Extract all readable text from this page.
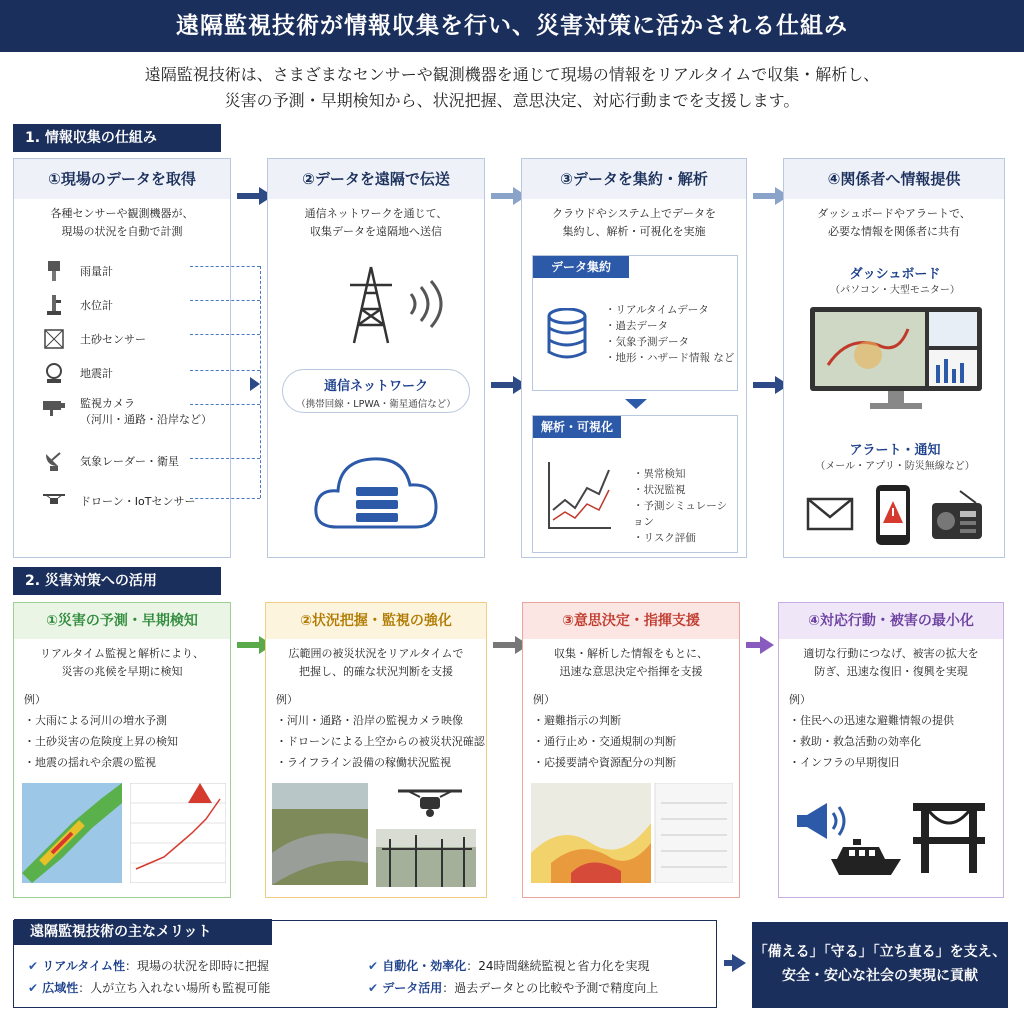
遠隔監視技術が情報収集を行い、災害対策に活かされる仕組み
遠隔監視技術は、さまざまなセンサーや観測機器を通じて現場の情報をリアルタイムで収集・解析し、
災害の予測・早期検知から、状況把握、意思決定、対応行動までを支援します。
1. 情報収集の仕組み
①現場のデータを取得
各種センサーや観測機器が、
現場の状況を自動で計測
雨量計
水位計
土砂センサー
地震計
監視カメラ
（河川・通路・沿岸など）
気象レーダー・衛星
ドローン・IoTセンサー
②データを遠隔で伝送
通信ネットワークを通じて、
収集データを遠隔地へ送信
通信ネットワーク
（携帯回線・LPWA・衛星通信など）
③データを集約・解析
クラウドやシステム上でデータを
集約し、解析・可視化を実施
データ集約
・リアルタイムデータ
・過去データ
・気象予測データ
・地形・ハザード情報 など
解析・可視化
・異常検知
・状況監視
・予測シミュレーション
・リスク評価
④関係者へ情報提供
ダッシュボードやアラートで、
必要な情報を関係者に共有
ダッシュボード
（パソコン・大型モニター）
アラート・通知
（メール・アプリ・防災無線など）
2. 災害対策への活用
①災害の予測・早期検知
リアルタイム監視と解析により、
災害の兆候を早期に検知
例）
・大雨による河川の増水予測
・土砂災害の危険度上昇の検知
・地震の揺れや余震の監視
②状況把握・監視の強化
広範囲の被災状況をリアルタイムで
把握し、的確な状況判断を支援
例）
・河川・通路・沿岸の監視カメラ映像
・ドローンによる上空からの被災状況確認
・ライフライン設備の稼働状況監視
③意思決定・指揮支援
収集・解析した情報をもとに、
迅速な意思決定や指揮を支援
例）
・避難指示の判断
・通行止め・交通規制の判断
・応援要請や資源配分の判断
④対応行動・被害の最小化
適切な行動につなげ、被害の拡大を
防ぎ、迅速な復旧・復興を実現
例）
・住民への迅速な避難情報の提供
・救助・救急活動の効率化
・インフラの早期復旧
遠隔監視技術の主なメリット
✔ リアルタイム性：現場の状況を即時に把握
✔ 広域性：人が立ち入れない場所も監視可能
✔ 自動化・効率化：24時間継続監視と省力化を実現
✔ データ活用：過去データとの比較や予測で精度向上
「備える」「守る」「立ち直る」を支え、
安全・安心な社会の実現に貢献
